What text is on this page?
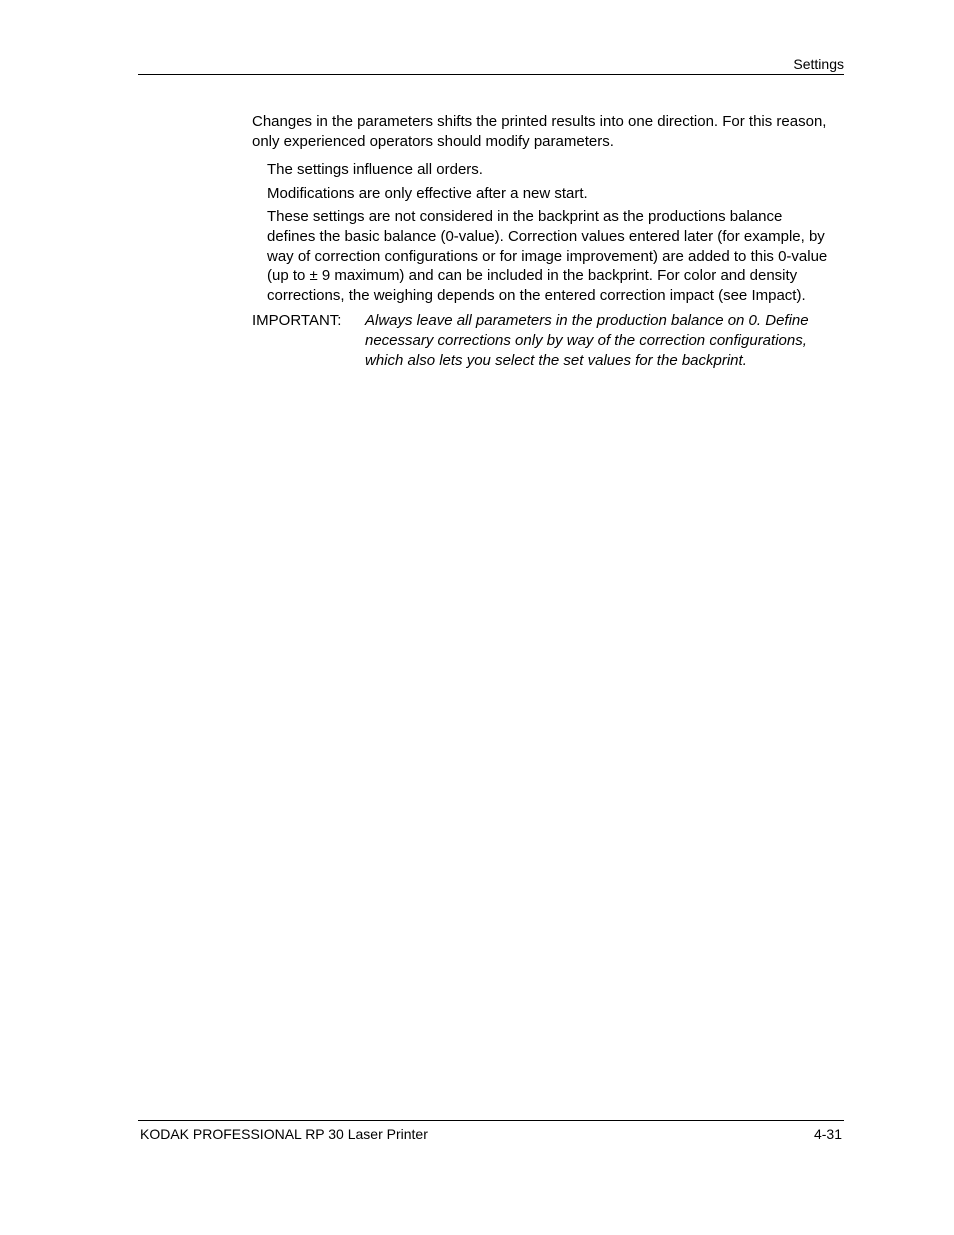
Settings

Changes in the parameters shifts the printed results into one direction. For this reason, only experienced operators should modify parameters.

The settings influence all orders.

Modifications are only effective after a new start.

These settings are not considered in the backprint as the productions balance defines the basic balance (0-value). Correction values entered later (for example, by way of correction configurations or for image improvement) are added to this 0-value (up to ± 9 maximum) and can be included in the backprint. For color and density corrections, the weighing depends on the entered correction impact (see Impact).

IMPORTANT:	Always leave all parameters in the production balance on 0. Define necessary corrections only by way of the correction configurations, which also lets you select the set values for the backprint.
KODAK PROFESSIONAL RP 30 Laser Printer	4-31
